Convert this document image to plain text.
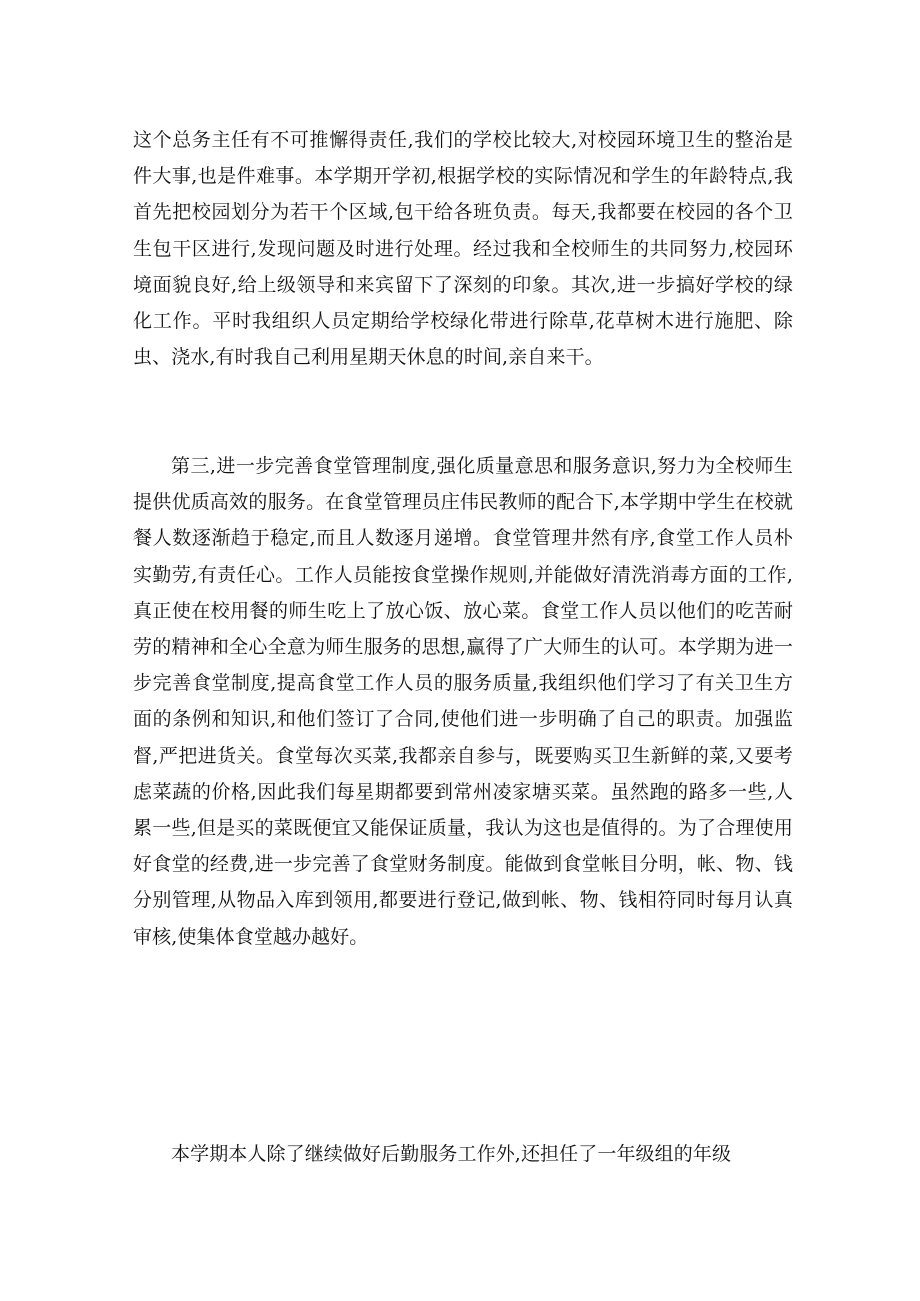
这个总务主任有不可推懈得责任,我们的学校比较大,对校园环境卫生的整治是件大事,也是件难事。本学期开学初,根据学校的实际情况和学生的年龄特点,我首先把校园划分为若干个区域,包干给各班负责。每天,我都要在校园的各个卫生包干区进行,发现问题及时进行处理。经过我和全校师生的共同努力,校园环境面貌良好,给上级领导和来宾留下了深刻的印象。其次,进一步搞好学校的绿化工作。平时我组织人员定期给学校绿化带进行除草,花草树木进行施肥、除虫、浇水,有时我自己利用星期天休息的时间,亲自来干。

第三,进一步完善食堂管理制度,强化质量意思和服务意识,努力为全校师生提供优质高效的服务。在食堂管理员庄伟民教师的配合下,本学期中学生在校就餐人数逐渐趋于稳定,而且人数逐月递增。食堂管理井然有序,食堂工作人员朴实勤劳,有责任心。工作人员能按食堂操作规则,并能做好清洗消毒方面的工作,真正使在校用餐的师生吃上了放心饭、放心菜。食堂工作人员以他们的吃苦耐劳的精神和全心全意为师生服务的思想,赢得了广大师生的认可。本学期为进一步完善食堂制度,提高食堂工作人员的服务质量,我组织他们学习了有关卫生方面的条例和知识,和他们签订了合同,使他们进一步明确了自己的职责。加强监督,严把进货关。食堂每次买菜,我都亲自参与，既要购买卫生新鲜的菜,又要考虑菜蔬的价格,因此我们每星期都要到常州凌家塘买菜。虽然跑的路多一些,人累一些,但是买的菜既便宜又能保证质量，我认为这也是值得的。为了合理使用好食堂的经费,进一步完善了食堂财务制度。能做到食堂帐目分明，帐、物、钱分别管理,从物品入库到领用,都要进行登记,做到帐、物、钱相符同时每月认真审核,使集体食堂越办越好。

本学期本人除了继续做好后勤服务工作外,还担任了一年级组的年级
